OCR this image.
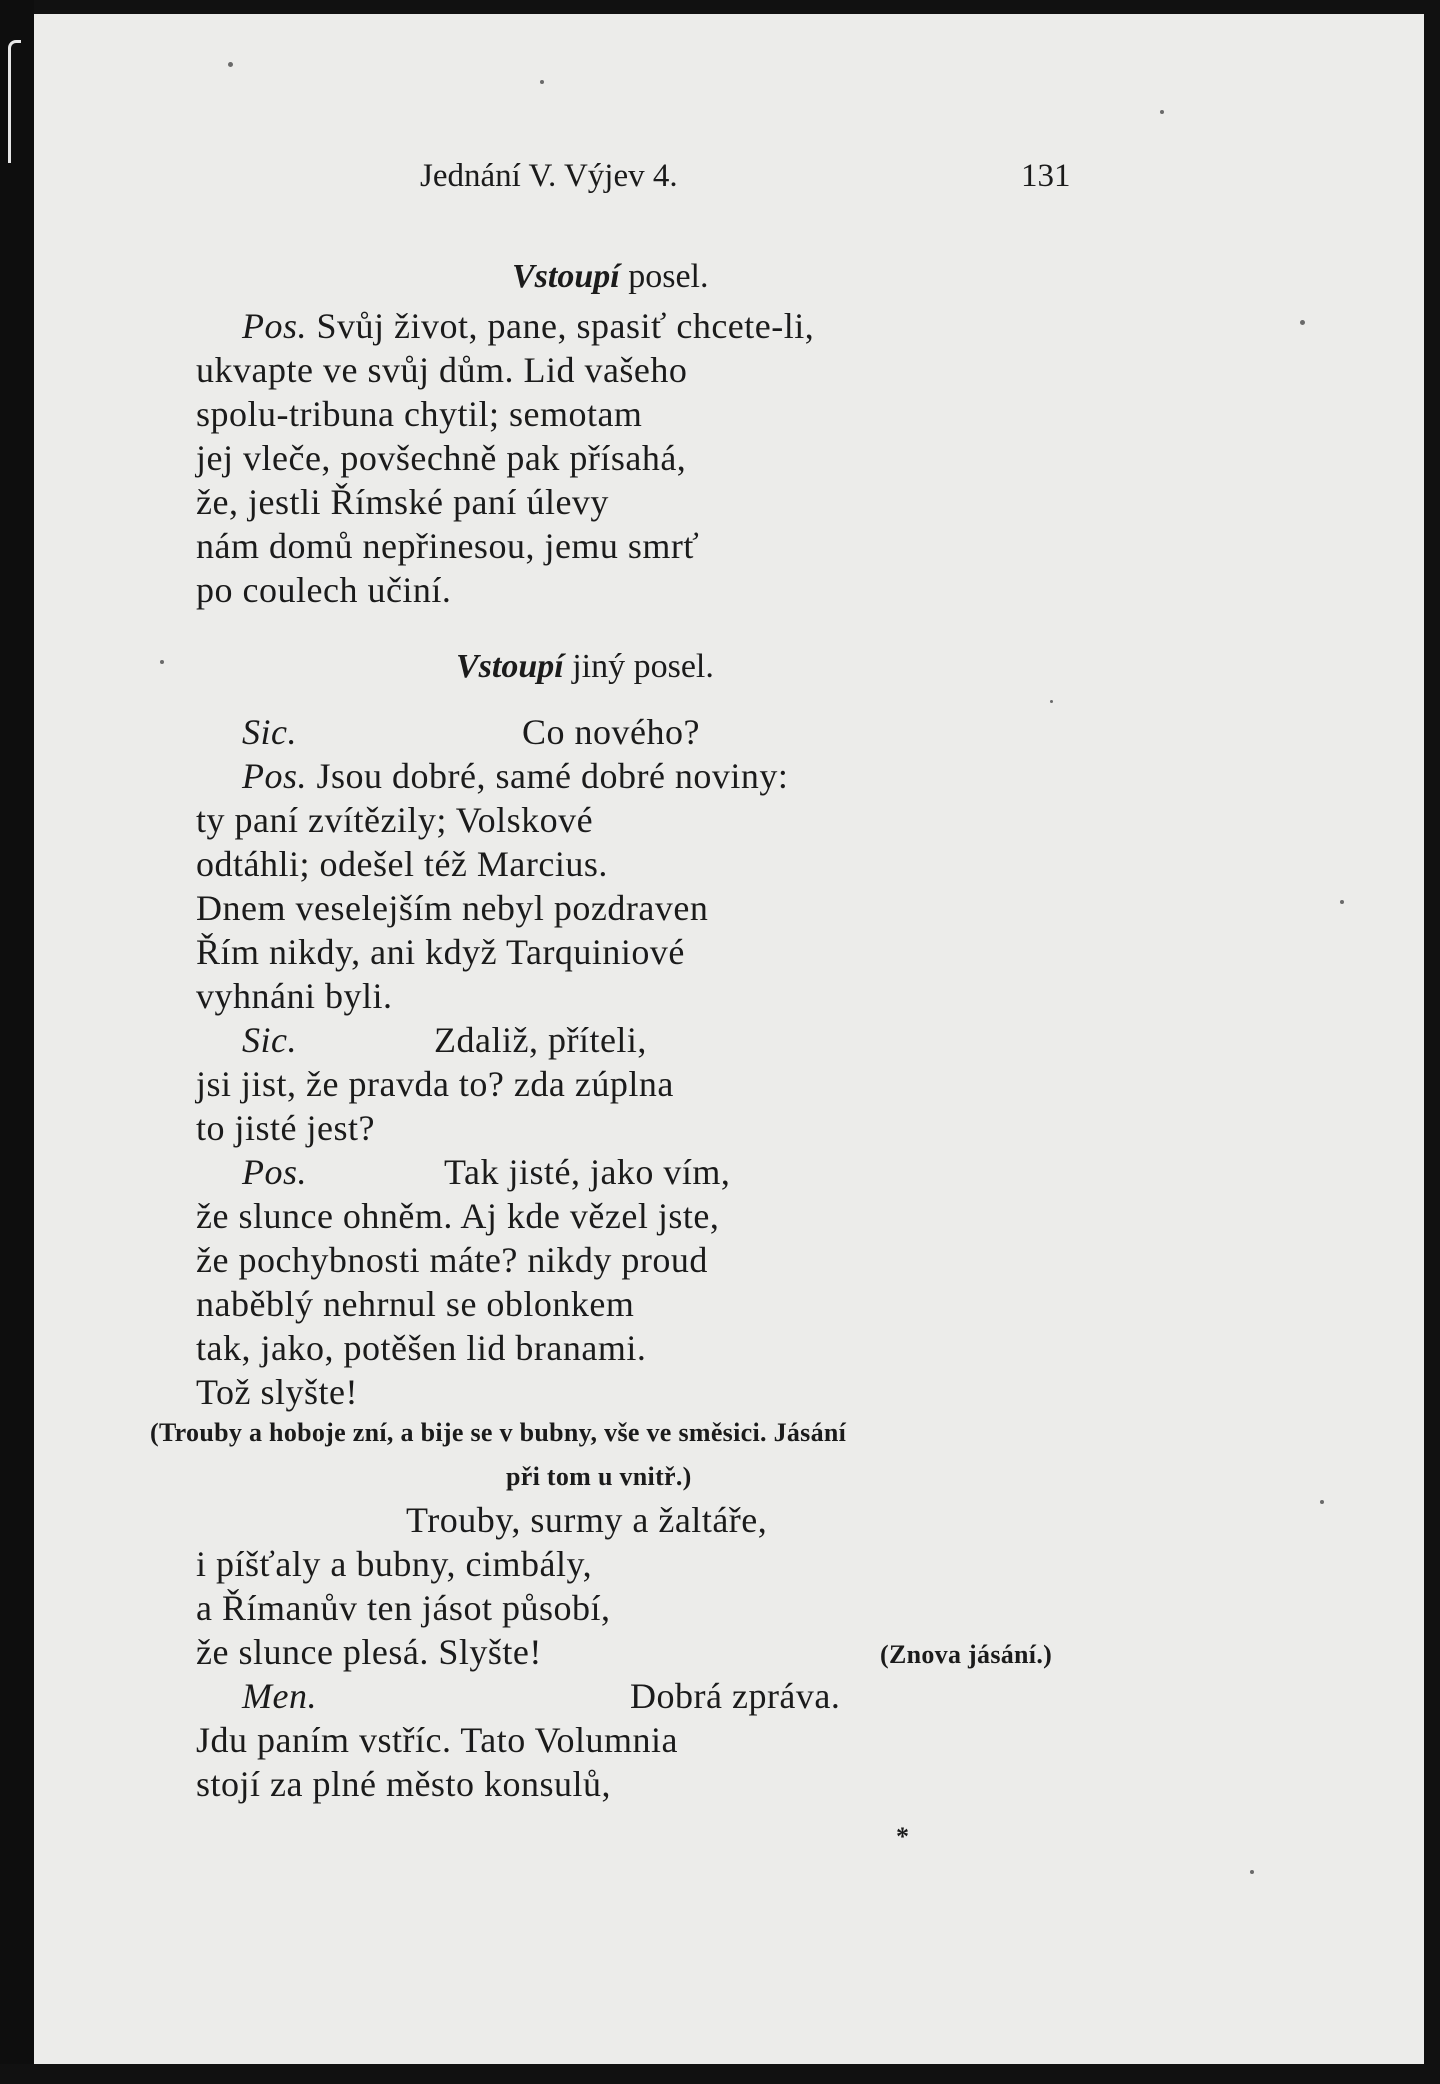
Jednání V. Výjev 4.	131
Vstoupí posel.
Pos. Svůj život, pane, spasiť chcete-li,
ukvapte ve svůj dům. Lid vašeho
spolu-tribuna chytil; semotam
jej vleče, povšechně pak přísahá,
že, jestli Římské paní úlevy
nám domů nepřinesou, jemu smrť
po coulech učiní.
Vstoupí jiný posel.
Sic.	Co nového?
Pos. Jsou dobré, samé dobré noviny:
ty paní zvítězily; Volskové
odtáhli; odešel též Marcius.
Dnem veselejším nebyl pozdraven
Řím nikdy, ani když Tarquiniové
vyhnáni byli.
Sic.	Zdaliž, příteli,
jsi jist, že pravda to? zda zúplna
to jisté jest?
Pos.	Tak jisté, jako vím,
že slunce ohněm. Aj kde vězel jste,
že pochybnosti máte? nikdy proud
naběblý nehrnul se oblonkem
tak, jako, potěšen lid branami.
Tož slyšte!
(Trouby a hoboje zní, a bije se v bubny, vše ve směsici. Jásání
při tom u vnitř.)
Trouby, surmy a žaltáře,
i píšťaly a bubny, cimbály,
a Římanův ten jásot působí,
že slunce plesá. Slyšte!	(Znova jásání.)
Men.	Dobrá zpráva.
Jdu paním vstříc. Tato Volumnia
stojí za plné město konsulů,
*
